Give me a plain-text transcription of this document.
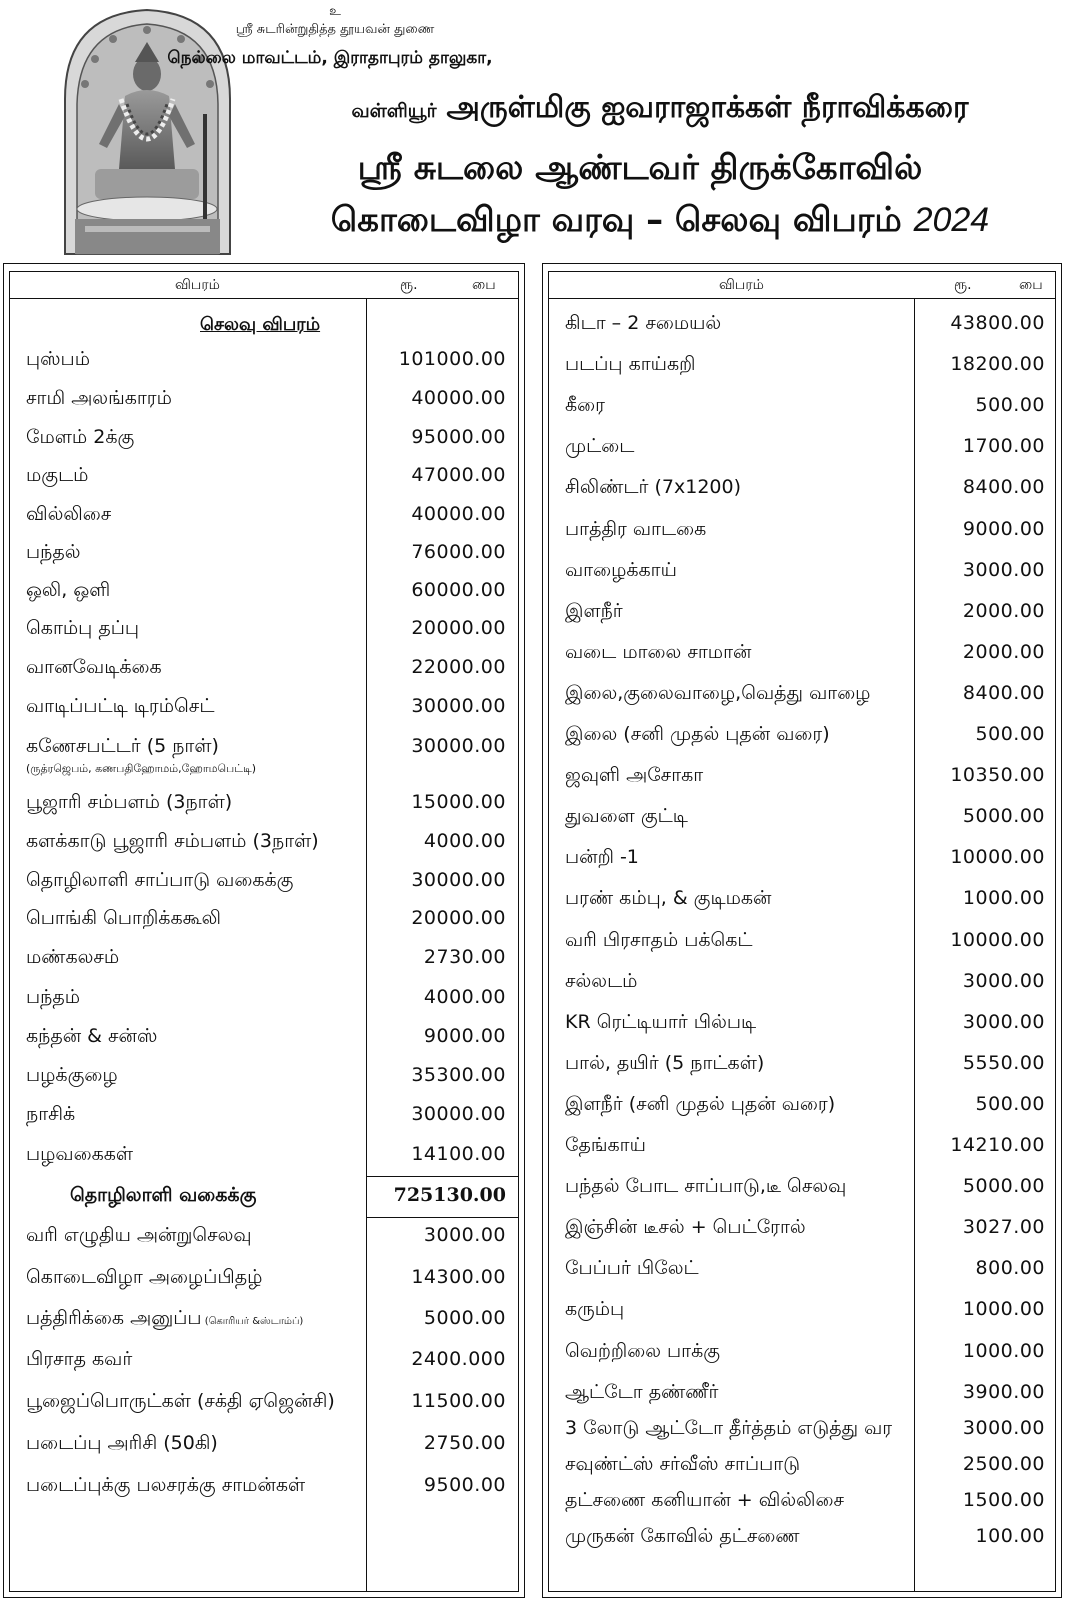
உ
ஸ்ரீ சுடரின்றுதித்த தூயவன் துணை
நெல்லை மாவட்டம், இராதாபுரம் தாலுகா,
வள்ளியூர் அருள்மிகு ஐவராஜாக்கள் நீராவிக்கரை
ஸ்ரீ சுடலை ஆண்டவர் திருக்கோவில்
கொடைவிழா வரவு – செலவு விபரம் 2024
விபரம்	ரூ.	பை
செலவு விபரம்
புஸ்பம்	101000.00
சாமி அலங்காரம்	40000.00
மேளம் 2க்கு	95000.00
மகுடம்	47000.00
வில்லிசை	40000.00
பந்தல்	76000.00
ஒலி, ஒளி	60000.00
கொம்பு தப்பு	20000.00
வானவேடிக்கை	22000.00
வாடிப்பட்டி டிரம்செட்	30000.00
கணேசபட்டர் (5 நாள்)	30000.00
(ருத்ரஜெபம், கணபதிஹோமம்,ஹோமபெட்டி)
பூஜாரி சம்பளம் (3நாள்)	15000.00
களக்காடு பூஜாரி சம்பளம் (3நாள்)	4000.00
தொழிலாளி சாப்பாடு வகைக்கு	30000.00
பொங்கி பொறிக்ககூலி	20000.00
மண்கலசம்	2730.00
பந்தம்	4000.00
கந்தன் & சன்ஸ்	9000.00
பழக்குழை	35300.00
நாசிக்	30000.00
பழவகைகள்	14100.00
தொழிலாளி வகைக்கு	725130.00
வரி எழுதிய அன்றுசெலவு	3000.00
கொடைவிழா அழைப்பிதழ்	14300.00
பத்திரிக்கை அனுப்ப (கொரியர் &ஸ்டாம்ப்)	5000.00
பிரசாத கவர்	2400.000
பூஜைப்பொருட்கள் (சக்தி ஏஜென்சி)	11500.00
படைப்பு அரிசி (50கி)	2750.00
படைப்புக்கு பலசரக்கு சாமன்கள்	9500.00
விபரம்	ரூ.	பை
கிடா – 2 சமையல்	43800.00
படப்பு காய்கறி	18200.00
கீரை	500.00
முட்டை	1700.00
சிலிண்டர் (7x1200)	8400.00
பாத்திர வாடகை	9000.00
வாழைக்காய்	3000.00
இளநீர்	2000.00
வடை மாலை சாமான்	2000.00
இலை,குலைவாழை,வெத்து வாழை	8400.00
இலை (சனி முதல் புதன் வரை)	500.00
ஜவுளி அசோகா	10350.00
துவளை குட்டி	5000.00
பன்றி -1	10000.00
பரண் கம்பு, & குடிமகன்	1000.00
வரி பிரசாதம் பக்கெட்	10000.00
சல்லடம்	3000.00
KR ரெட்டியார் பில்படி	3000.00
பால், தயிர் (5 நாட்கள்)	5550.00
இளநீர் (சனி முதல் புதன் வரை)	500.00
தேங்காய்	14210.00
பந்தல் போட சாப்பாடு,டீ செலவு	5000.00
இஞ்சின் டீசல் + பெட்ரோல்	3027.00
பேப்பர் பிலேட்	800.00
கரும்பு	1000.00
வெற்றிலை பாக்கு	1000.00
ஆட்டோ தண்ணீர்	3900.00
3 லோடு ஆட்டோ தீர்த்தம் எடுத்து வர	3000.00
சவுண்ட்ஸ் சர்வீஸ் சாப்பாடு	2500.00
தட்சணை கனியான் + வில்லிசை	1500.00
முருகன் கோவில் தட்சணை	100.00
